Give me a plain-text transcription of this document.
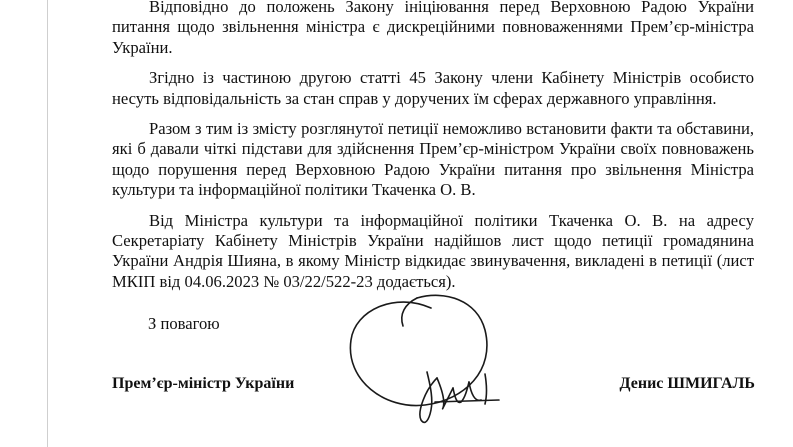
Відповідно до положень Закону ініціювання перед Верховною Радою України питання щодо звільнення міністра є дискреційними повноваженнями Прем’єр-міністра України.

Згідно із частиною другою статті 45 Закону члени Кабінету Міністрів особисто несуть відповідальність за стан справ у доручених їм сферах державного управління.

Разом з тим із змісту розглянутої петиції неможливо встановити факти та обставини, які б давали чіткі підстави для здійснення Прем’єр-міністром України своїх повноважень щодо порушення перед Верховною Радою України питання про звільнення Міністра культури та інформаційної політики Ткаченка О. В.

Від Міністра культури та інформаційної політики Ткаченка О. В. на адресу Секретаріату Кабінету Міністрів України надійшов лист щодо петиції громадянина України Андрія Шияна, в якому Міністр відкидає звинувачення, викладені в петиції (лист МКІП від 04.06.2023 № 03/22/522-23 додається).

З повагою
Прем’єр-міністр України	Денис ШМИГАЛЬ
